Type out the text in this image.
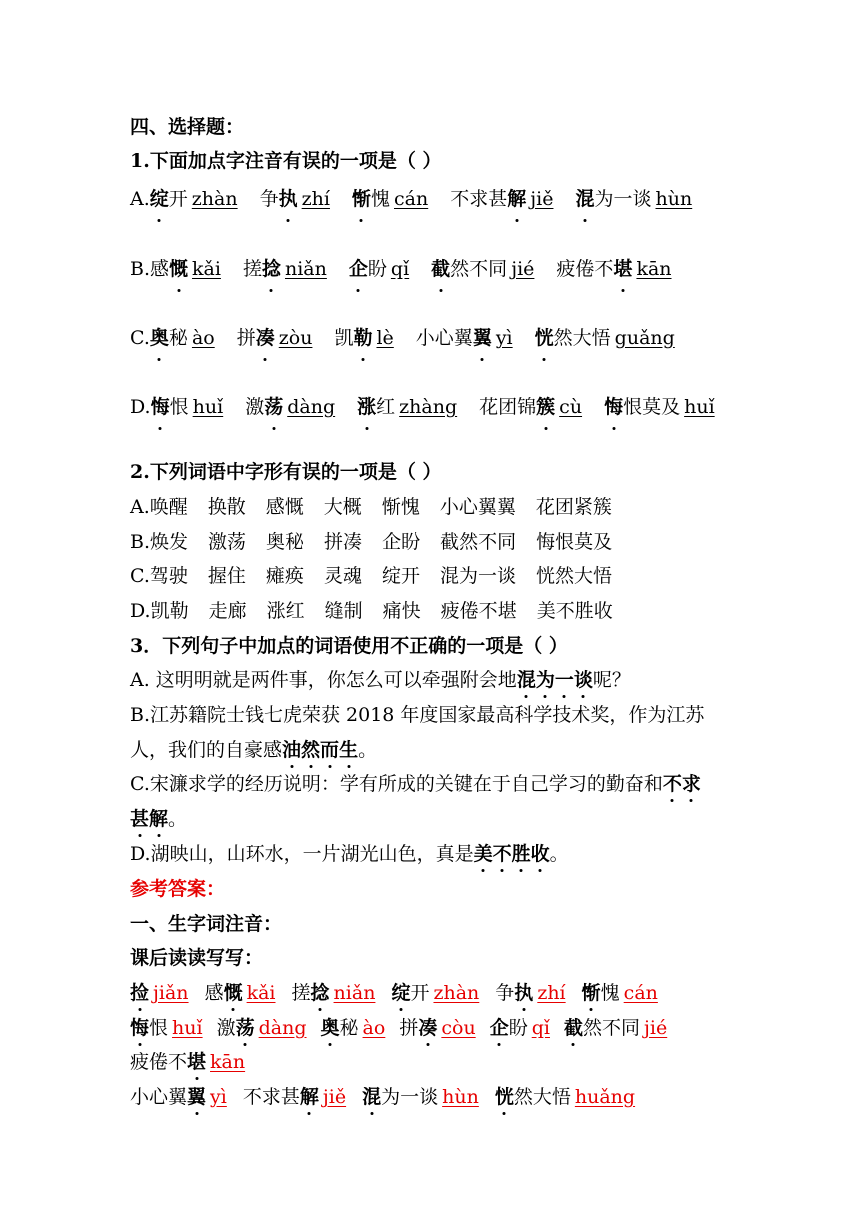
四、选择题：
1.下面加点字注音有误的一项是（ ）
A.绽开 zhàn 争执 zhí 惭愧 cán 不求甚解 jiě 混为一谈 hùn
B.感慨 kǎi 搓捻 niǎn 企盼 qǐ 截然不同 jié 疲倦不堪 kān
C.奥秘 ào 拼凑 zòu 凯勒 lè 小心翼翼 yì 恍然大悟 guǎng
D.悔恨 huǐ 激荡 dàng 涨红 zhàng 花团锦簇 cù 悔恨莫及 huǐ
2.下列词语中字形有误的一项是（ ）
A.唤醒 换散 感慨 大概 惭愧 小心翼翼 花团紧簇
B.焕发 激荡 奥秘 拼凑 企盼 截然不同 悔恨莫及
C.驾驶 握住 瘫痪 灵魂 绽开 混为一谈 恍然大悟
D.凯勒 走廊 涨红 缝制 痛快 疲倦不堪 美不胜收
3．下列句子中加点的词语使用不正确的一项是（ ）
A. 这明明就是两件事，你怎么可以牵强附会地混为一谈呢？
B.江苏籍院士钱七虎荣获 2018 年度国家最高科学技术奖，作为江苏
人，我们的自豪感油然而生。
C.宋濂求学的经历说明：学有所成的关键在于自己学习的勤奋和不求
甚解。
D.湖映山，山环水，一片湖光山色，真是美不胜收。
参考答案：
一、生字词注音：
课后读读写写：
捡 jiǎn 感慨 kǎi 搓捻 niǎn 绽开 zhàn 争执 zhí 惭愧 cán
悔恨 huǐ 激荡 dàng 奥秘 ào 拼凑 còu 企盼 qǐ 截然不同 jié
疲倦不堪 kān
小心翼翼 yì 不求甚解 jiě 混为一谈 hùn 恍然大悟 huǎng
